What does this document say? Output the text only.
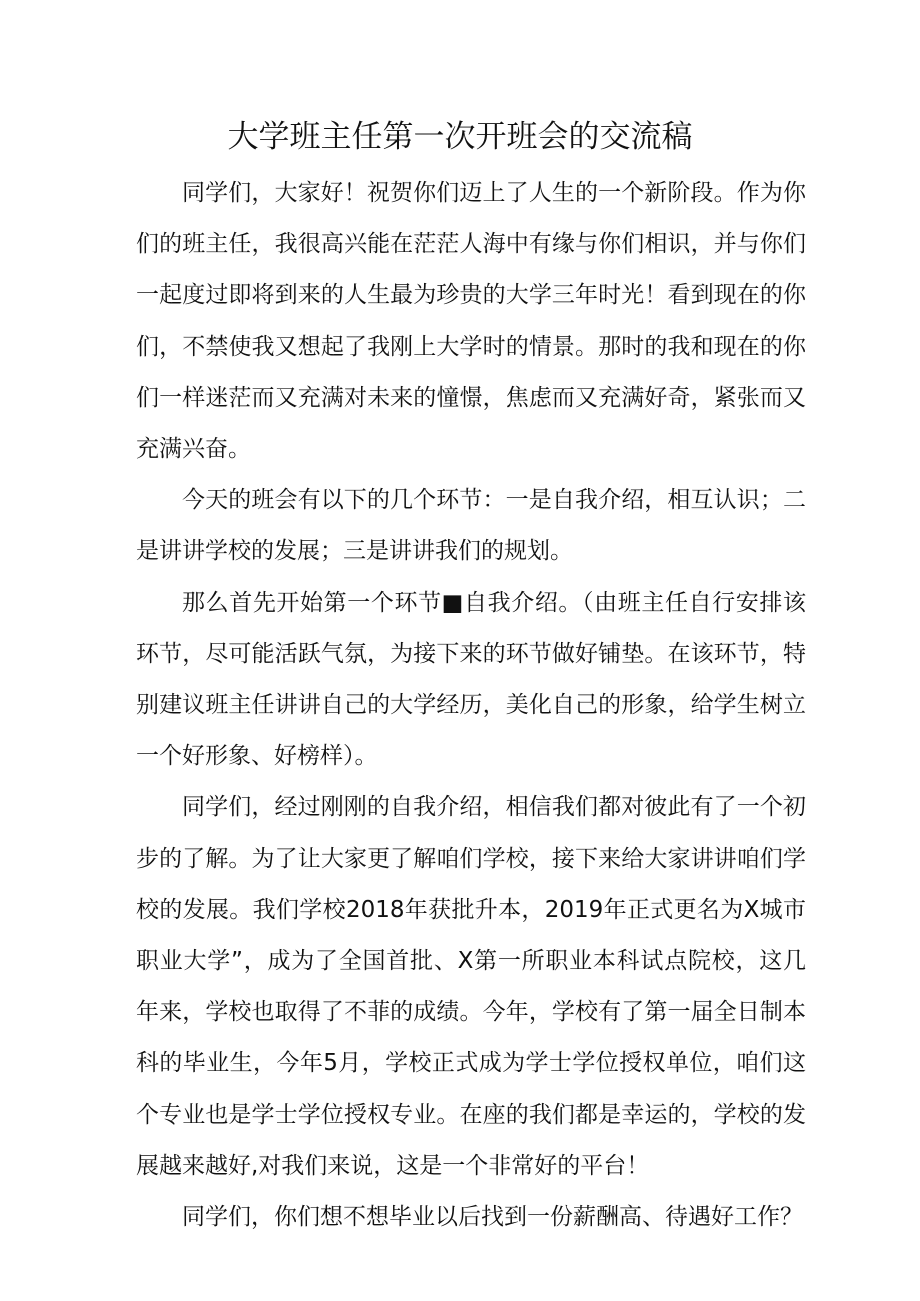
大学班主任第一次开班会的交流稿

同学们，大家好！祝贺你们迈上了人生的一个新阶段。作为你们的班主任，我很高兴能在茫茫人海中有缘与你们相识，并与你们一起度过即将到来的人生最为珍贵的大学三年时光！看到现在的你们，不禁使我又想起了我刚上大学时的情景。那时的我和现在的你们一样迷茫而又充满对未来的憧憬，焦虑而又充满好奇，紧张而又充满兴奋。

今天的班会有以下的几个环节：一是自我介绍，相互认识；二是讲讲学校的发展；三是讲讲我们的规划。

那么首先开始第一个环节■自我介绍。（由班主任自行安排该环节，尽可能活跃气氛，为接下来的环节做好铺垫。在该环节，特别建议班主任讲讲自己的大学经历，美化自己的形象，给学生树立一个好形象、好榜样）。

同学们，经过刚刚的自我介绍，相信我们都对彼此有了一个初步的了解。为了让大家更了解咱们学校，接下来给大家讲讲咱们学校的发展。我们学校2018年获批升本，2019年正式更名为X城市职业大学”，成为了全国首批、X第一所职业本科试点院校，这几年来，学校也取得了不菲的成绩。今年，学校有了第一届全日制本科的毕业生，今年5月，学校正式成为学士学位授权单位，咱们这个专业也是学士学位授权专业。在座的我们都是幸运的，学校的发展越来越好,对我们来说，这是一个非常好的平台！

同学们，你们想不想毕业以后找到一份薪酬高、待遇好工作？
